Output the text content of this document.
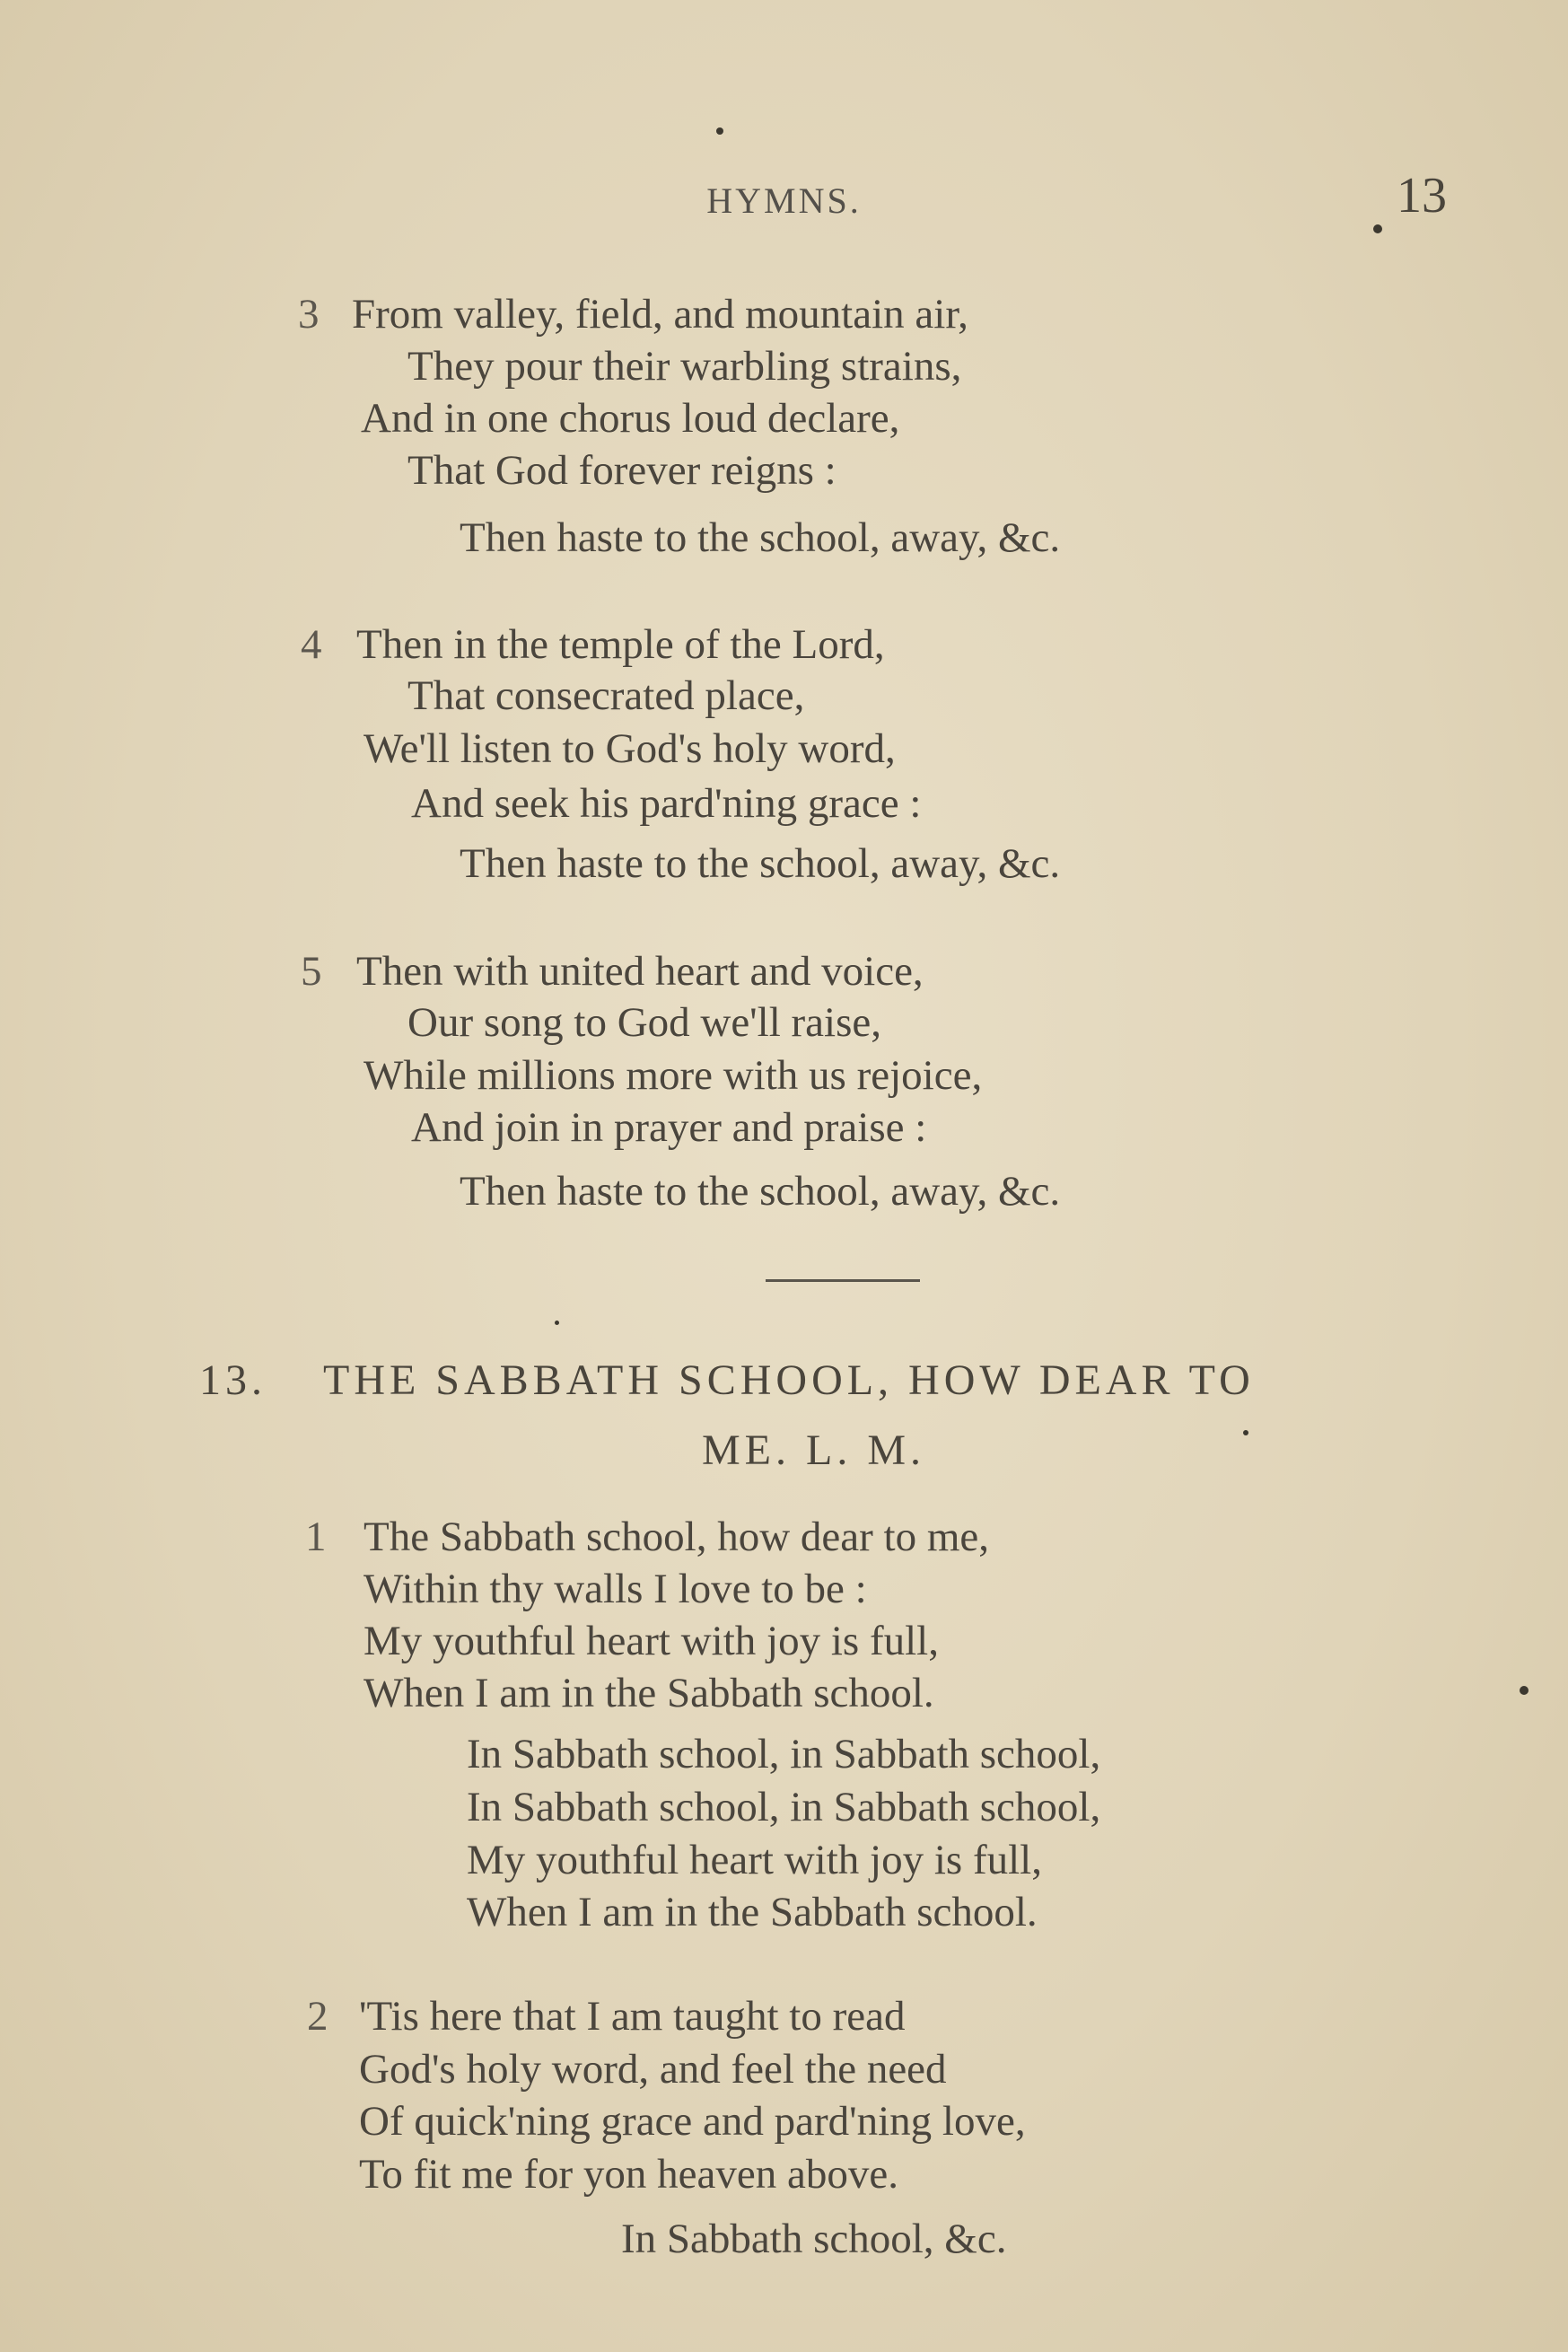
HYMNS.	13
3 From valley, field, and mountain air,
They pour their warbling strains,
And in one chorus loud declare,
That God forever reigns :
Then haste to the school, away, &c.
4 Then in the temple of the Lord,
That consecrated place,
We'll listen to God's holy word,
And seek his pard'ning grace :
Then haste to the school, away, &c.
5 Then with united heart and voice,
Our song to God we'll raise,
While millions more with us rejoice,
And join in prayer and praise :
Then haste to the school, away, &c.
13. THE SABBATH SCHOOL, HOW DEAR TO
ME. L. M.
1 The Sabbath school, how dear to me,
Within thy walls I love to be :
My youthful heart with joy is full,
When I am in the Sabbath school.
In Sabbath school, in Sabbath school,
In Sabbath school, in Sabbath school,
My youthful heart with joy is full,
When I am in the Sabbath school.
2 'Tis here that I am taught to read
God's holy word, and feel the need
Of quick'ning grace and pard'ning love,
To fit me for yon heaven above.
In Sabbath school, &c.
